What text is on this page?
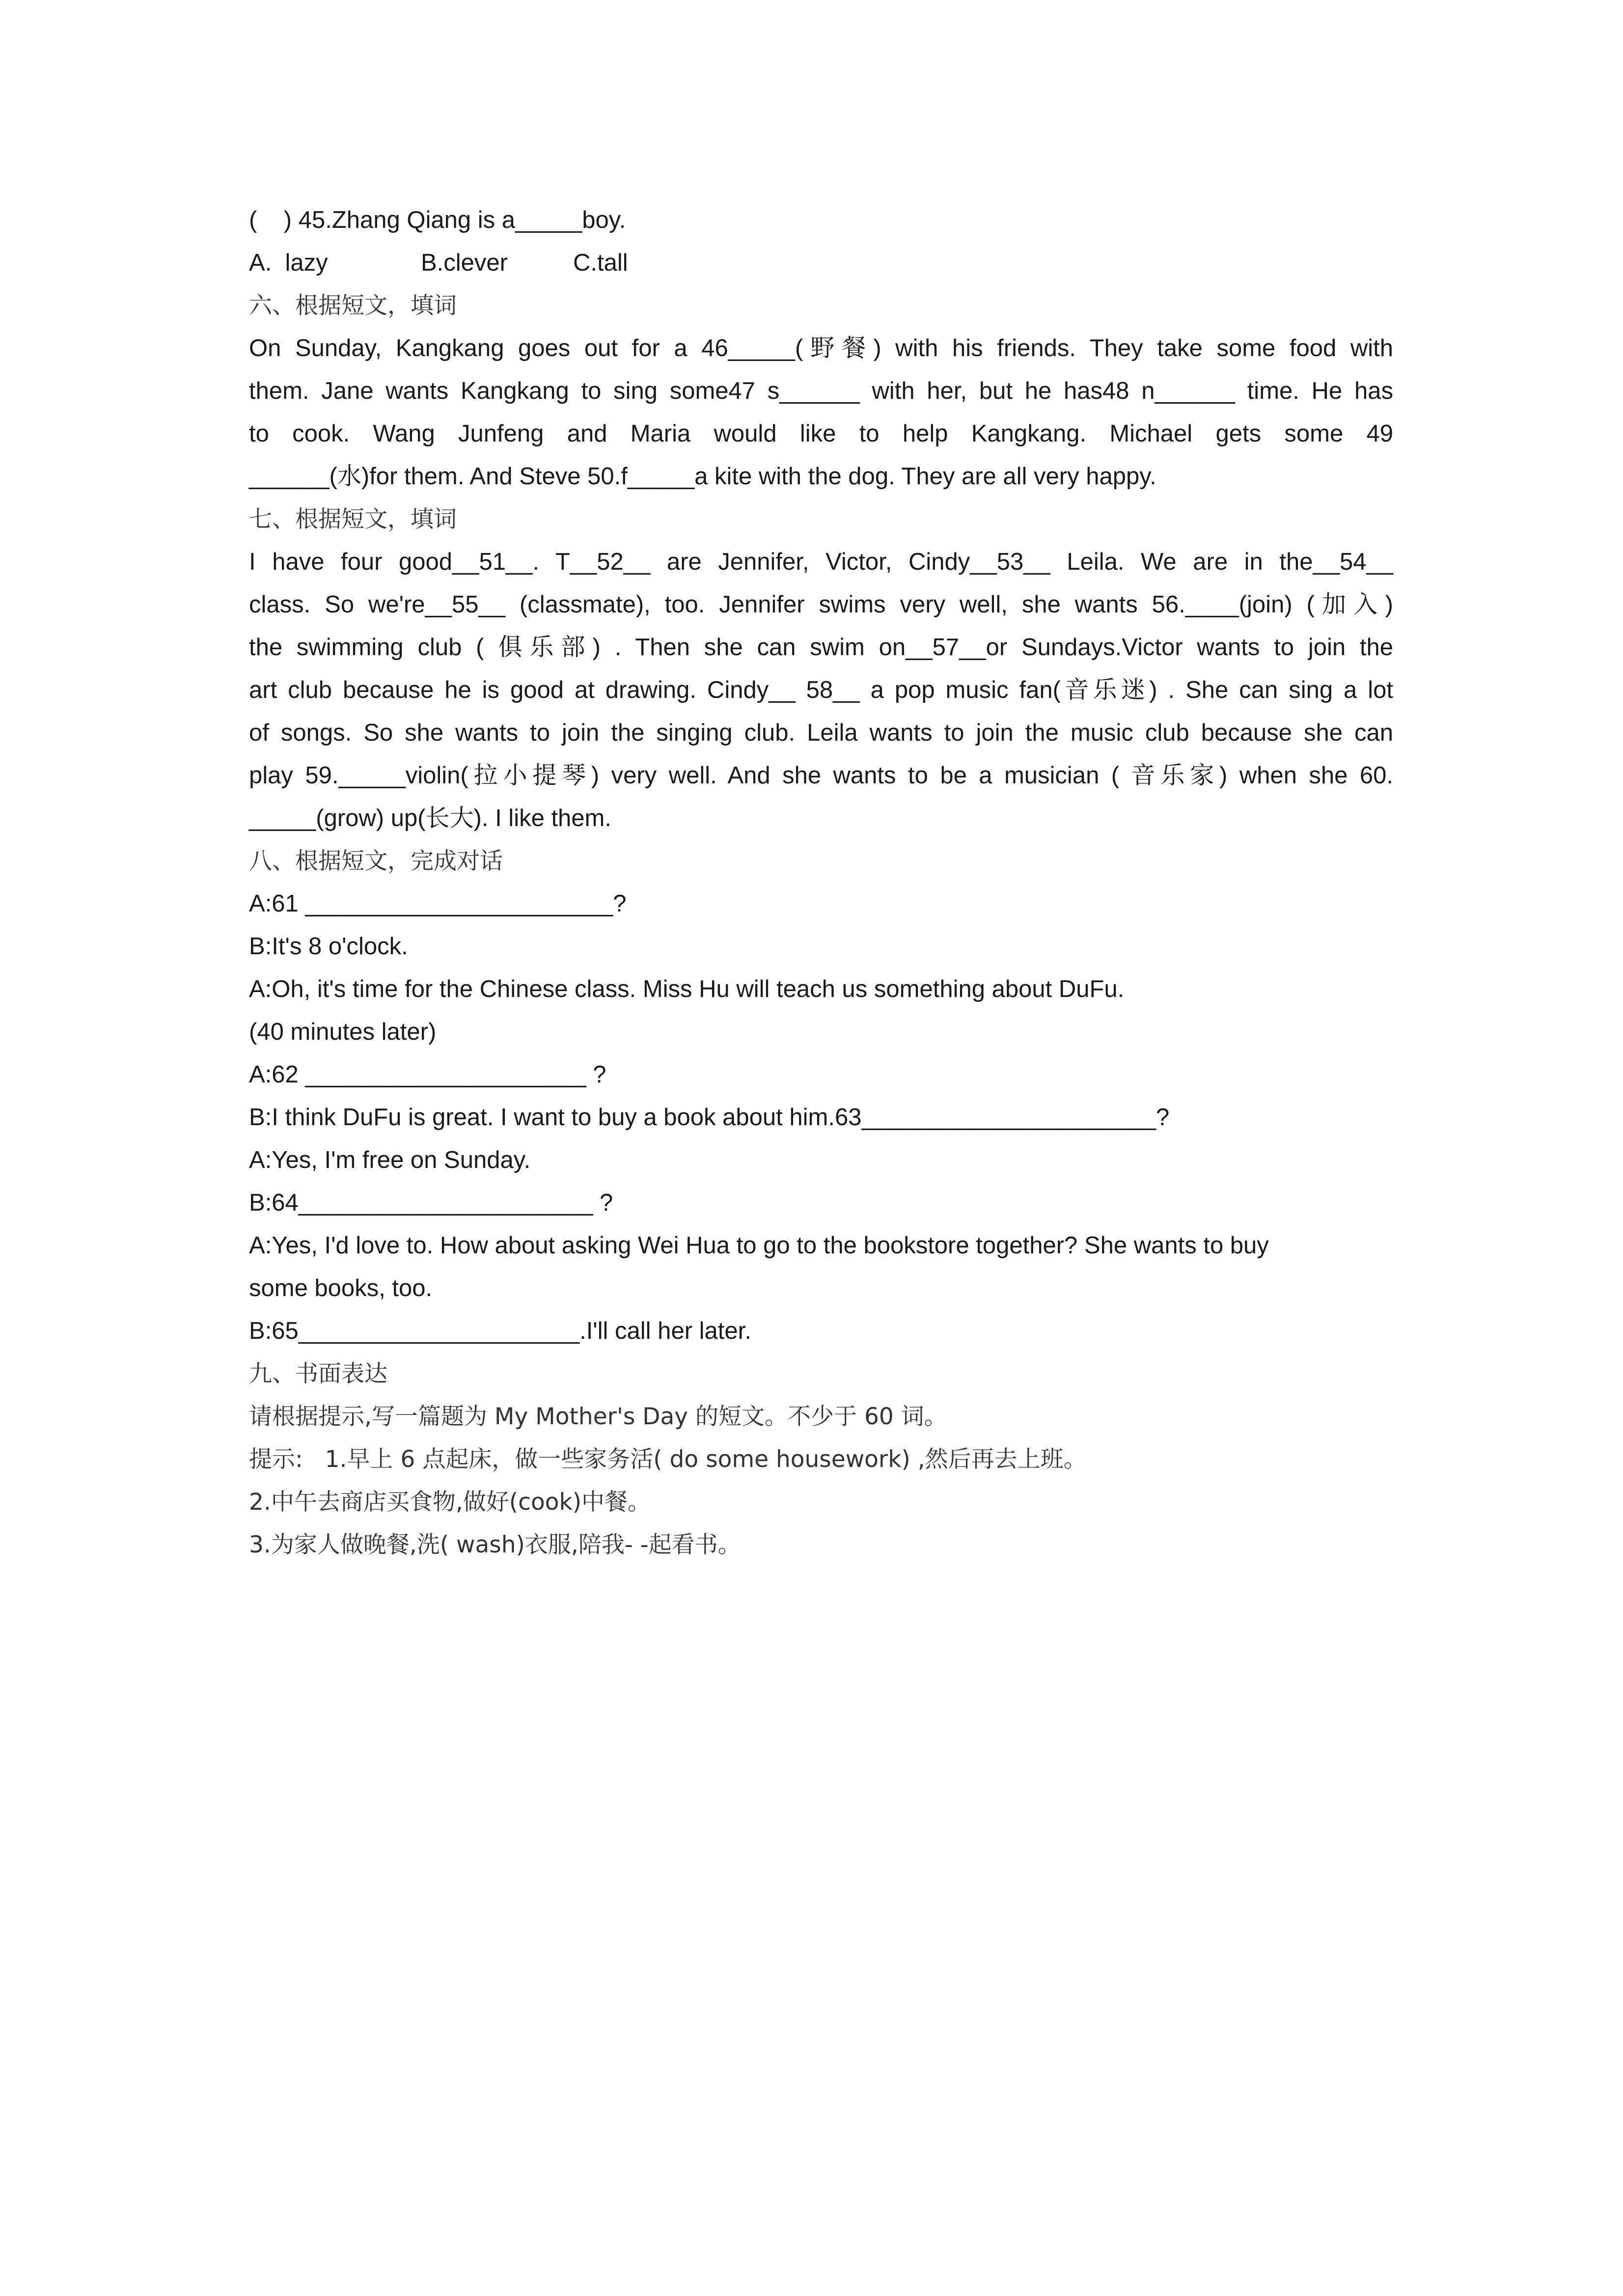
(    ) 45.Zhang Qiang is a_____boy.
A.  lazy	B.clever	C.tall
六、根据短文，填词
On Sunday, Kangkang goes out for a 46_____(野餐) with his friends. They take some food with
them. Jane wants Kangkang to sing some47 s______ with her, but he has48 n______ time. He has
to cook. Wang Junfeng and Maria would like to help Kangkang. Michael gets some 49
______(水)for them. And Steve 50.f_____a kite with the dog. They are all very happy.
七、根据短文，填词
I have four good__51__. T__52__ are Jennifer, Victor, Cindy__53__ Leila. We are in the__54__
class. So we're__55__ (classmate), too. Jennifer swims very well, she wants 56.____(join) (加入)
the swimming club ( 俱乐部) . Then she can swim on__57__or Sundays.Victor wants to join the
art club because he is good at drawing. Cindy__ 58__ a pop music fan(音乐迷) . She can sing a lot
of songs. So she wants to join the singing club. Leila wants to join the music club because she can
play 59._____violin(拉小提琴) very well. And she wants to be a musician ( 音乐家) when she 60.
_____(grow) up(长大). I like them.
八、根据短文，完成对话
A:61 _______________________?
B:It's 8 o'clock.
A:Oh, it's time for the Chinese class. Miss Hu will teach us something about DuFu.
(40 minutes later)
A:62 _____________________ ?
B:I think DuFu is great. I want to buy a book about him.63______________________?
A:Yes, I'm free on Sunday.
B:64______________________ ?
A:Yes, I'd love to. How about asking Wei Hua to go to the bookstore together? She wants to buy
some books, too.
B:65_____________________.I'll call her later.
九、书面表达
请根据提示,写一篇题为 My Mother's Day 的短文。不少于 60 词。
提示:   1.早上 6 点起床，做一些家务活( do some housework) ,然后再去上班。
2.中午去商店买食物,做好(cook)中餐。
3.为家人做晚餐,洗( wash)衣服,陪我- -起看书。
